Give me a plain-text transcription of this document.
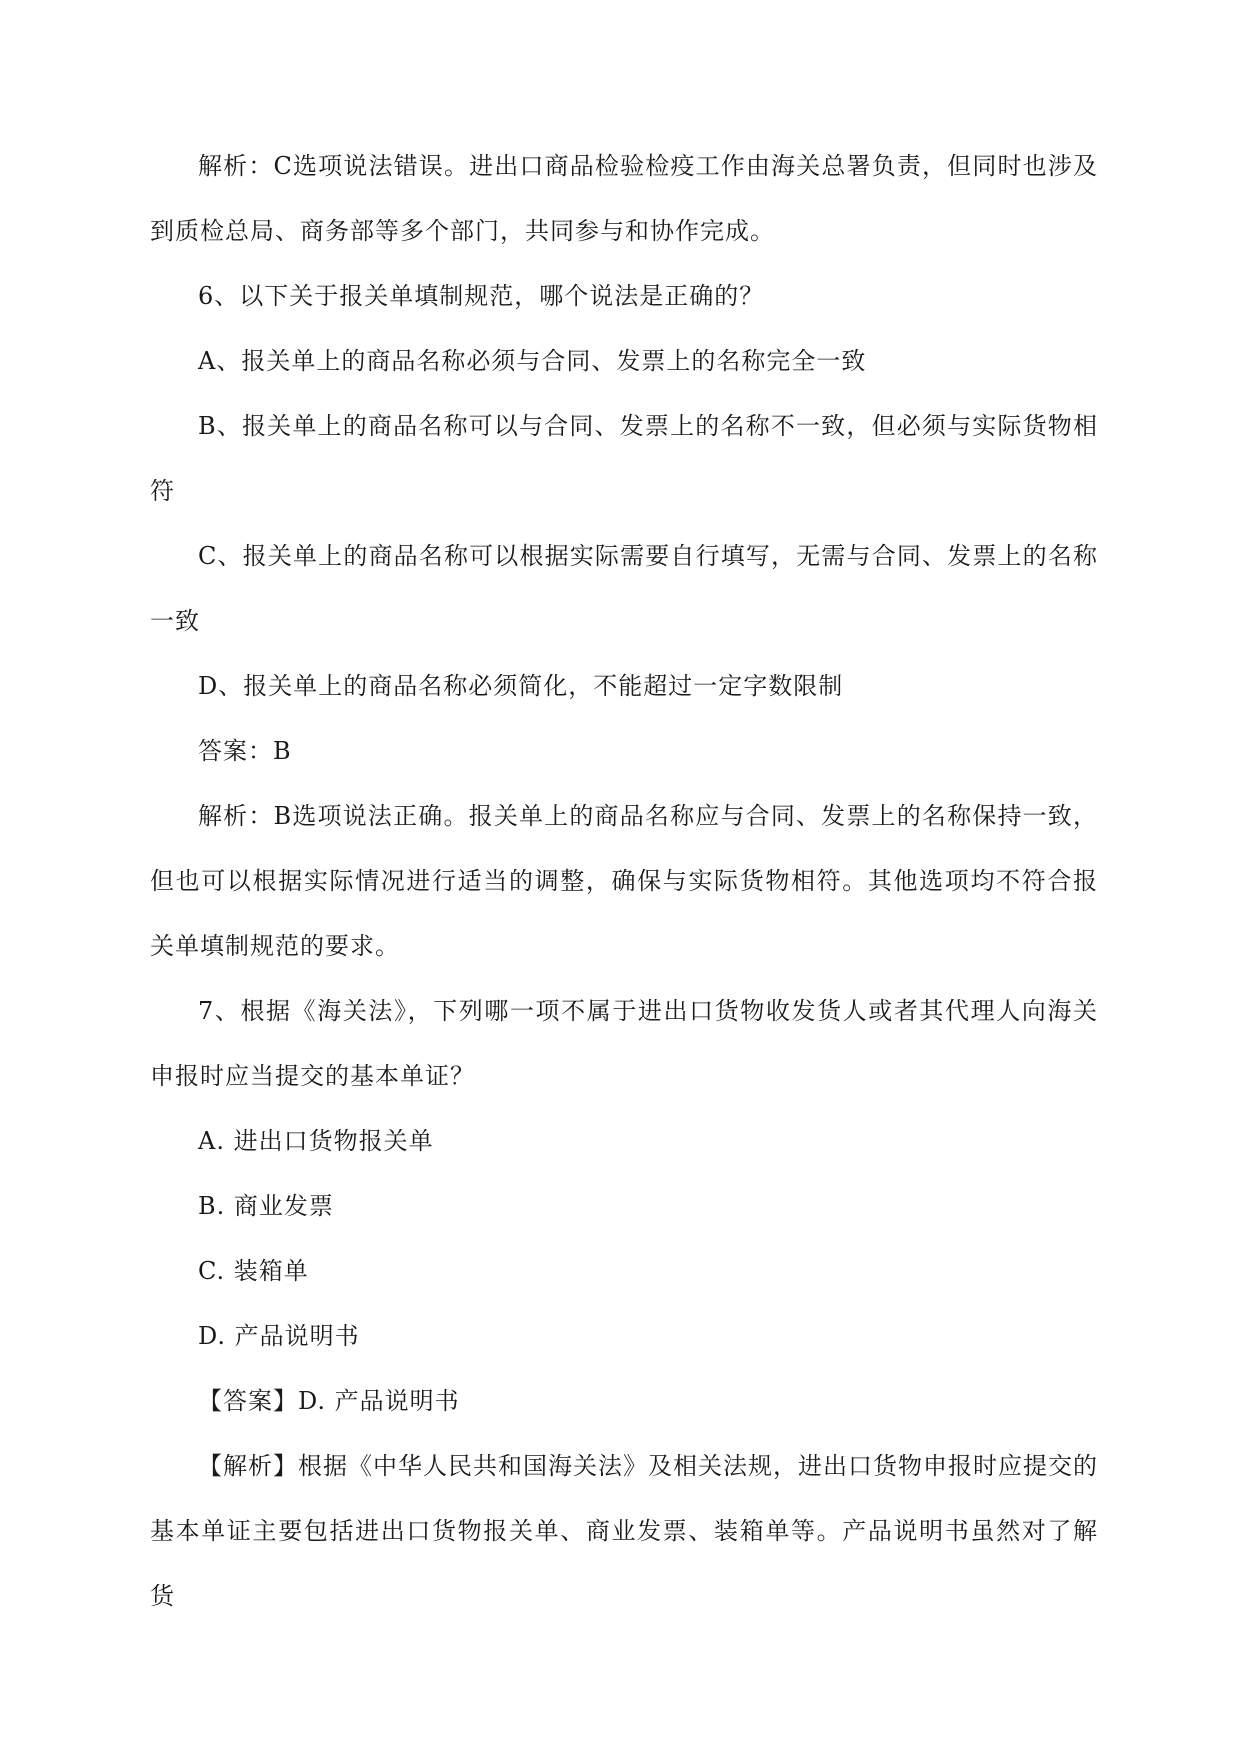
解析：C选项说法错误。进出口商品检验检疫工作由海关总署负责，但同时也涉及到质检总局、商务部等多个部门，共同参与和协作完成。

6、以下关于报关单填制规范，哪个说法是正确的？

A、报关单上的商品名称必须与合同、发票上的名称完全一致

B、报关单上的商品名称可以与合同、发票上的名称不一致，但必须与实际货物相符

C、报关单上的商品名称可以根据实际需要自行填写，无需与合同、发票上的名称一致

D、报关单上的商品名称必须简化，不能超过一定字数限制

答案：B

解析：B选项说法正确。报关单上的商品名称应与合同、发票上的名称保持一致，但也可以根据实际情况进行适当的调整，确保与实际货物相符。其他选项均不符合报关单填制规范的要求。

7、根据《海关法》，下列哪一项不属于进出口货物收发货人或者其代理人向海关申报时应当提交的基本单证？

A. 进出口货物报关单

B. 商业发票

C. 装箱单

D. 产品说明书

【答案】D. 产品说明书

【解析】根据《中华人民共和国海关法》及相关法规，进出口货物申报时应提交的基本单证主要包括进出口货物报关单、商业发票、装箱单等。产品说明书虽然对了解货
